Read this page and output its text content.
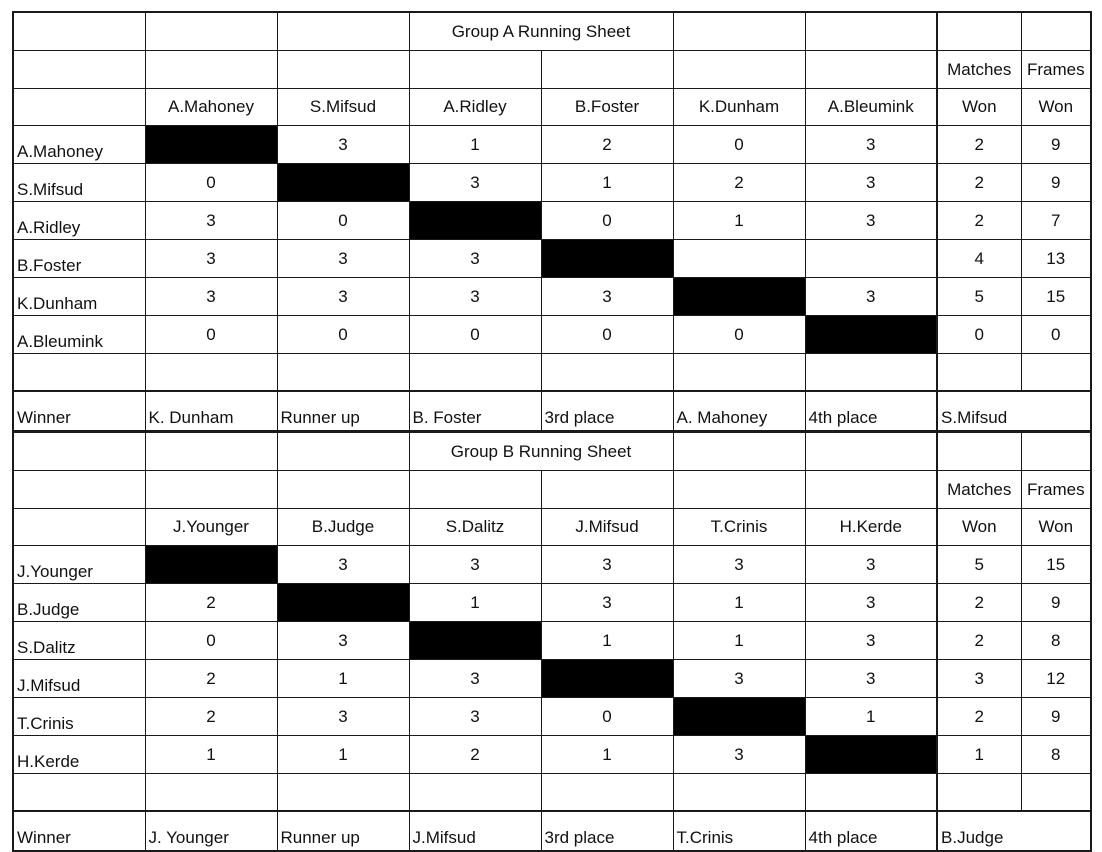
			Group A Running Sheet					
							Matches	Frames
	A.Mahoney	S.Mifsud	A.Ridley	B.Foster	K.Dunham	A.Bleumink	Won	Won
A.Mahoney		3	1	2	0	3	2	9
S.Mifsud	0		3	1	2	3	2	9
A.Ridley	3	0		0	1	3	2	7
B.Foster	3	3	3				4	13
K.Dunham	3	3	3	3		3	5	15
A.Bleumink	0	0	0	0	0		0	0

Winner	K. Dunham	Runner up	B. Foster	3rd place	A. Mahoney	4th place	S.Mifsud	
			Group B Running Sheet					
							Matches	Frames
	J.Younger	B.Judge	S.Dalitz	J.Mifsud	T.Crinis	H.Kerde	Won	Won
J.Younger		3	3	3	3	3	5	15
B.Judge	2		1	3	1	3	2	9
S.Dalitz	0	3		1	1	3	2	8
J.Mifsud	2	1	3		3	3	3	12
T.Crinis	2	3	3	0		1	2	9
H.Kerde	1	1	2	1	3		1	8

Winner	J. Younger	Runner up	J.Mifsud	3rd place	T.Crinis	4th place	B.Judge	
